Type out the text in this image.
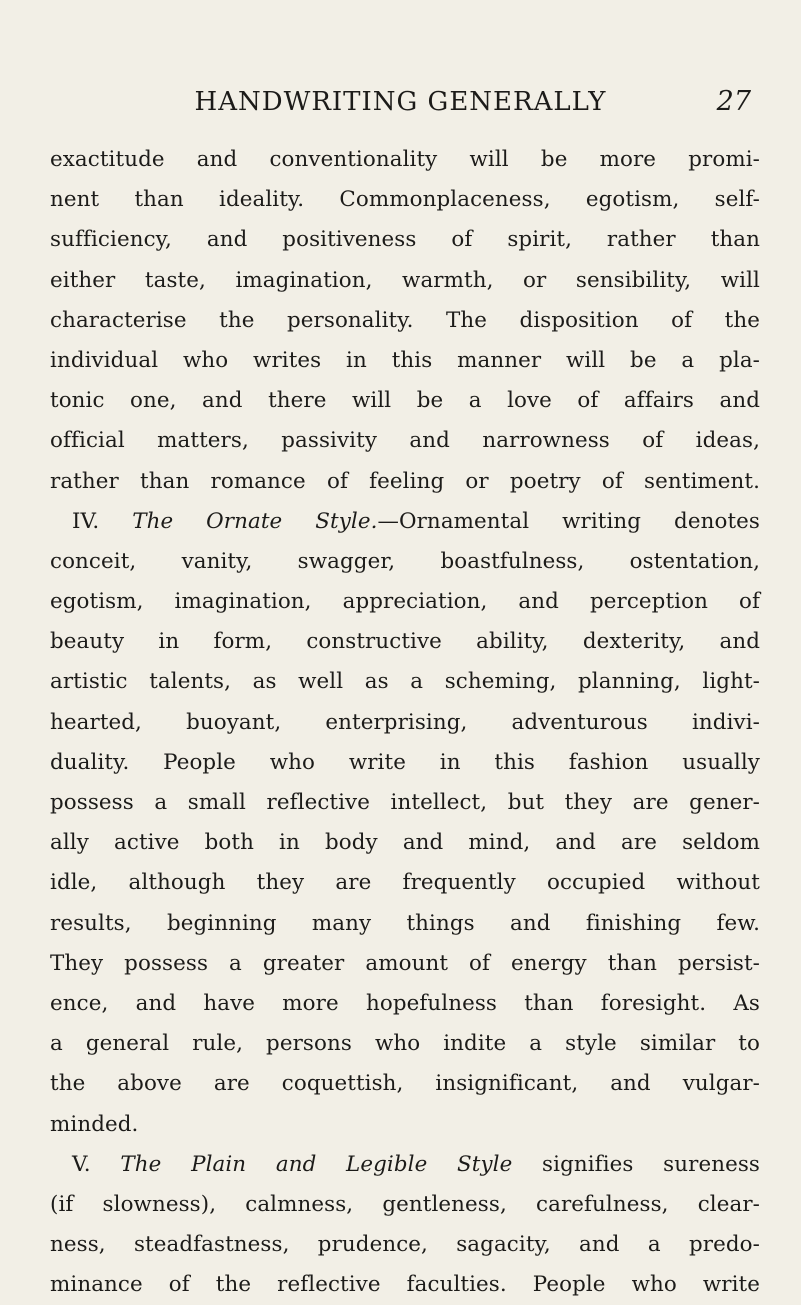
HANDWRITING GENERALLY	27
exactitude and conventionality will be more promi-
nent than ideality. Commonplaceness, egotism, self-
sufficiency, and positiveness of spirit, rather than
either taste, imagination, warmth, or sensibility, will
characterise the personality. The disposition of the
individual who writes in this manner will be a pla-
tonic one, and there will be a love of affairs and
official matters, passivity and narrowness of ideas,
rather than romance of feeling or poetry of sentiment.
IV. The Ornate Style.—Ornamental writing denotes
conceit, vanity, swagger, boastfulness, ostentation,
egotism, imagination, appreciation, and perception of
beauty in form, constructive ability, dexterity, and
artistic talents, as well as a scheming, planning, light-
hearted, buoyant, enterprising, adventurous indivi-
duality. People who write in this fashion usually
possess a small reflective intellect, but they are gener-
ally active both in body and mind, and are seldom
idle, although they are frequently occupied without
results, beginning many things and finishing few.
They possess a greater amount of energy than persist-
ence, and have more hopefulness than foresight. As
a general rule, persons who indite a style similar to
the above are coquettish, insignificant, and vulgar-
minded.
V. The Plain and Legible Style signifies sureness
(if slowness), calmness, gentleness, carefulness, clear-
ness, steadfastness, prudence, sagacity, and a predo-
minance of the reflective faculties. People who write
